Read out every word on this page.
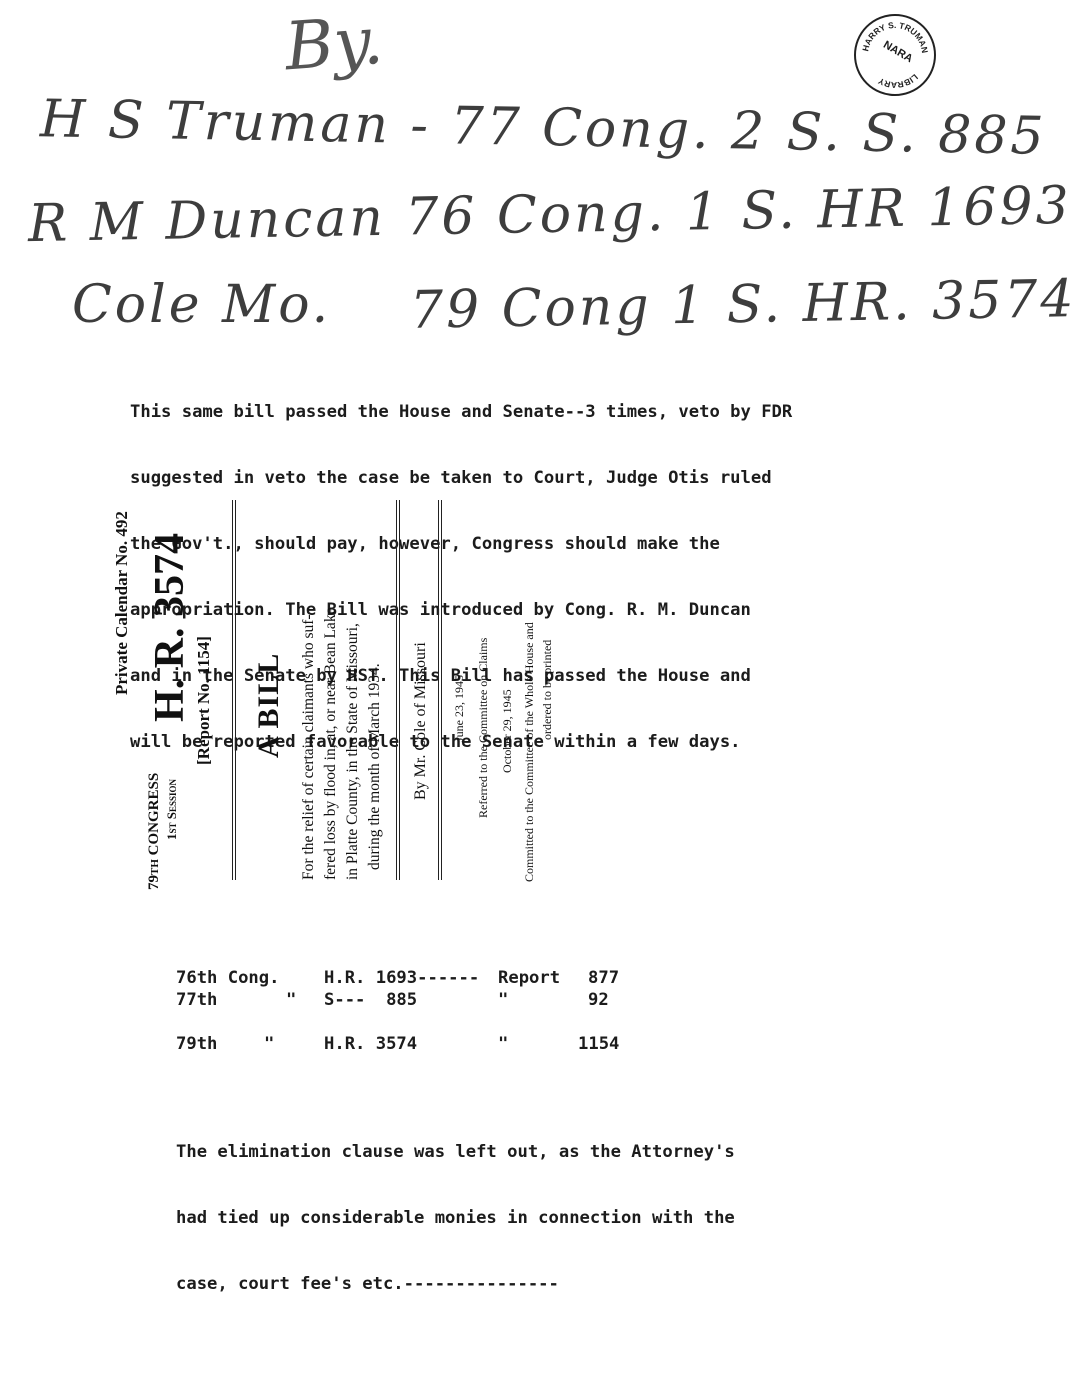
By.
H S Truman - 77 Cong. 2 S. S. 885
R M Duncan 76 Cong. 1 S. HR 1693
Cole Mo. 79 Cong 1 S. HR. 3574
HARRY S. TRUMAN
LIBRARY
NARA

This same bill passed the House and Senate--3 times, veto by FDR

suggested in veto the case be taken to Court, Judge Otis ruled

the Gov't., should pay, however, Congress should make the

appropriation. The Bill was introduced by Cong. R. M. Duncan

and in the Senate by HST. This Bill has passed the House and

will be reported favorable to the Senate within a few days.

79th CONGRESS 1st Session
Private Calendar No. 492 H. R. 3574 [Report No. 1154] A BILL For the relief of certain claimants who suf- fered loss by flood in, at, or near Bean Lake in Platte County, in the State of Missouri, during the month of March 1934. By Mr. Cole of Missouri June 23, 1945 Referred to the Committee on Claims October 29, 1945 Committed to the Committee of the Whole House and ordered to be printed
76th Cong.	H.R. 1693------ Report 877
77th	" S---  885	"	92
79th	"	H.R. 3574	"	1154

The elimination clause was left out, as the Attorney's

had tied up considerable monies in connection with the

case, court fee's etc.---------------
